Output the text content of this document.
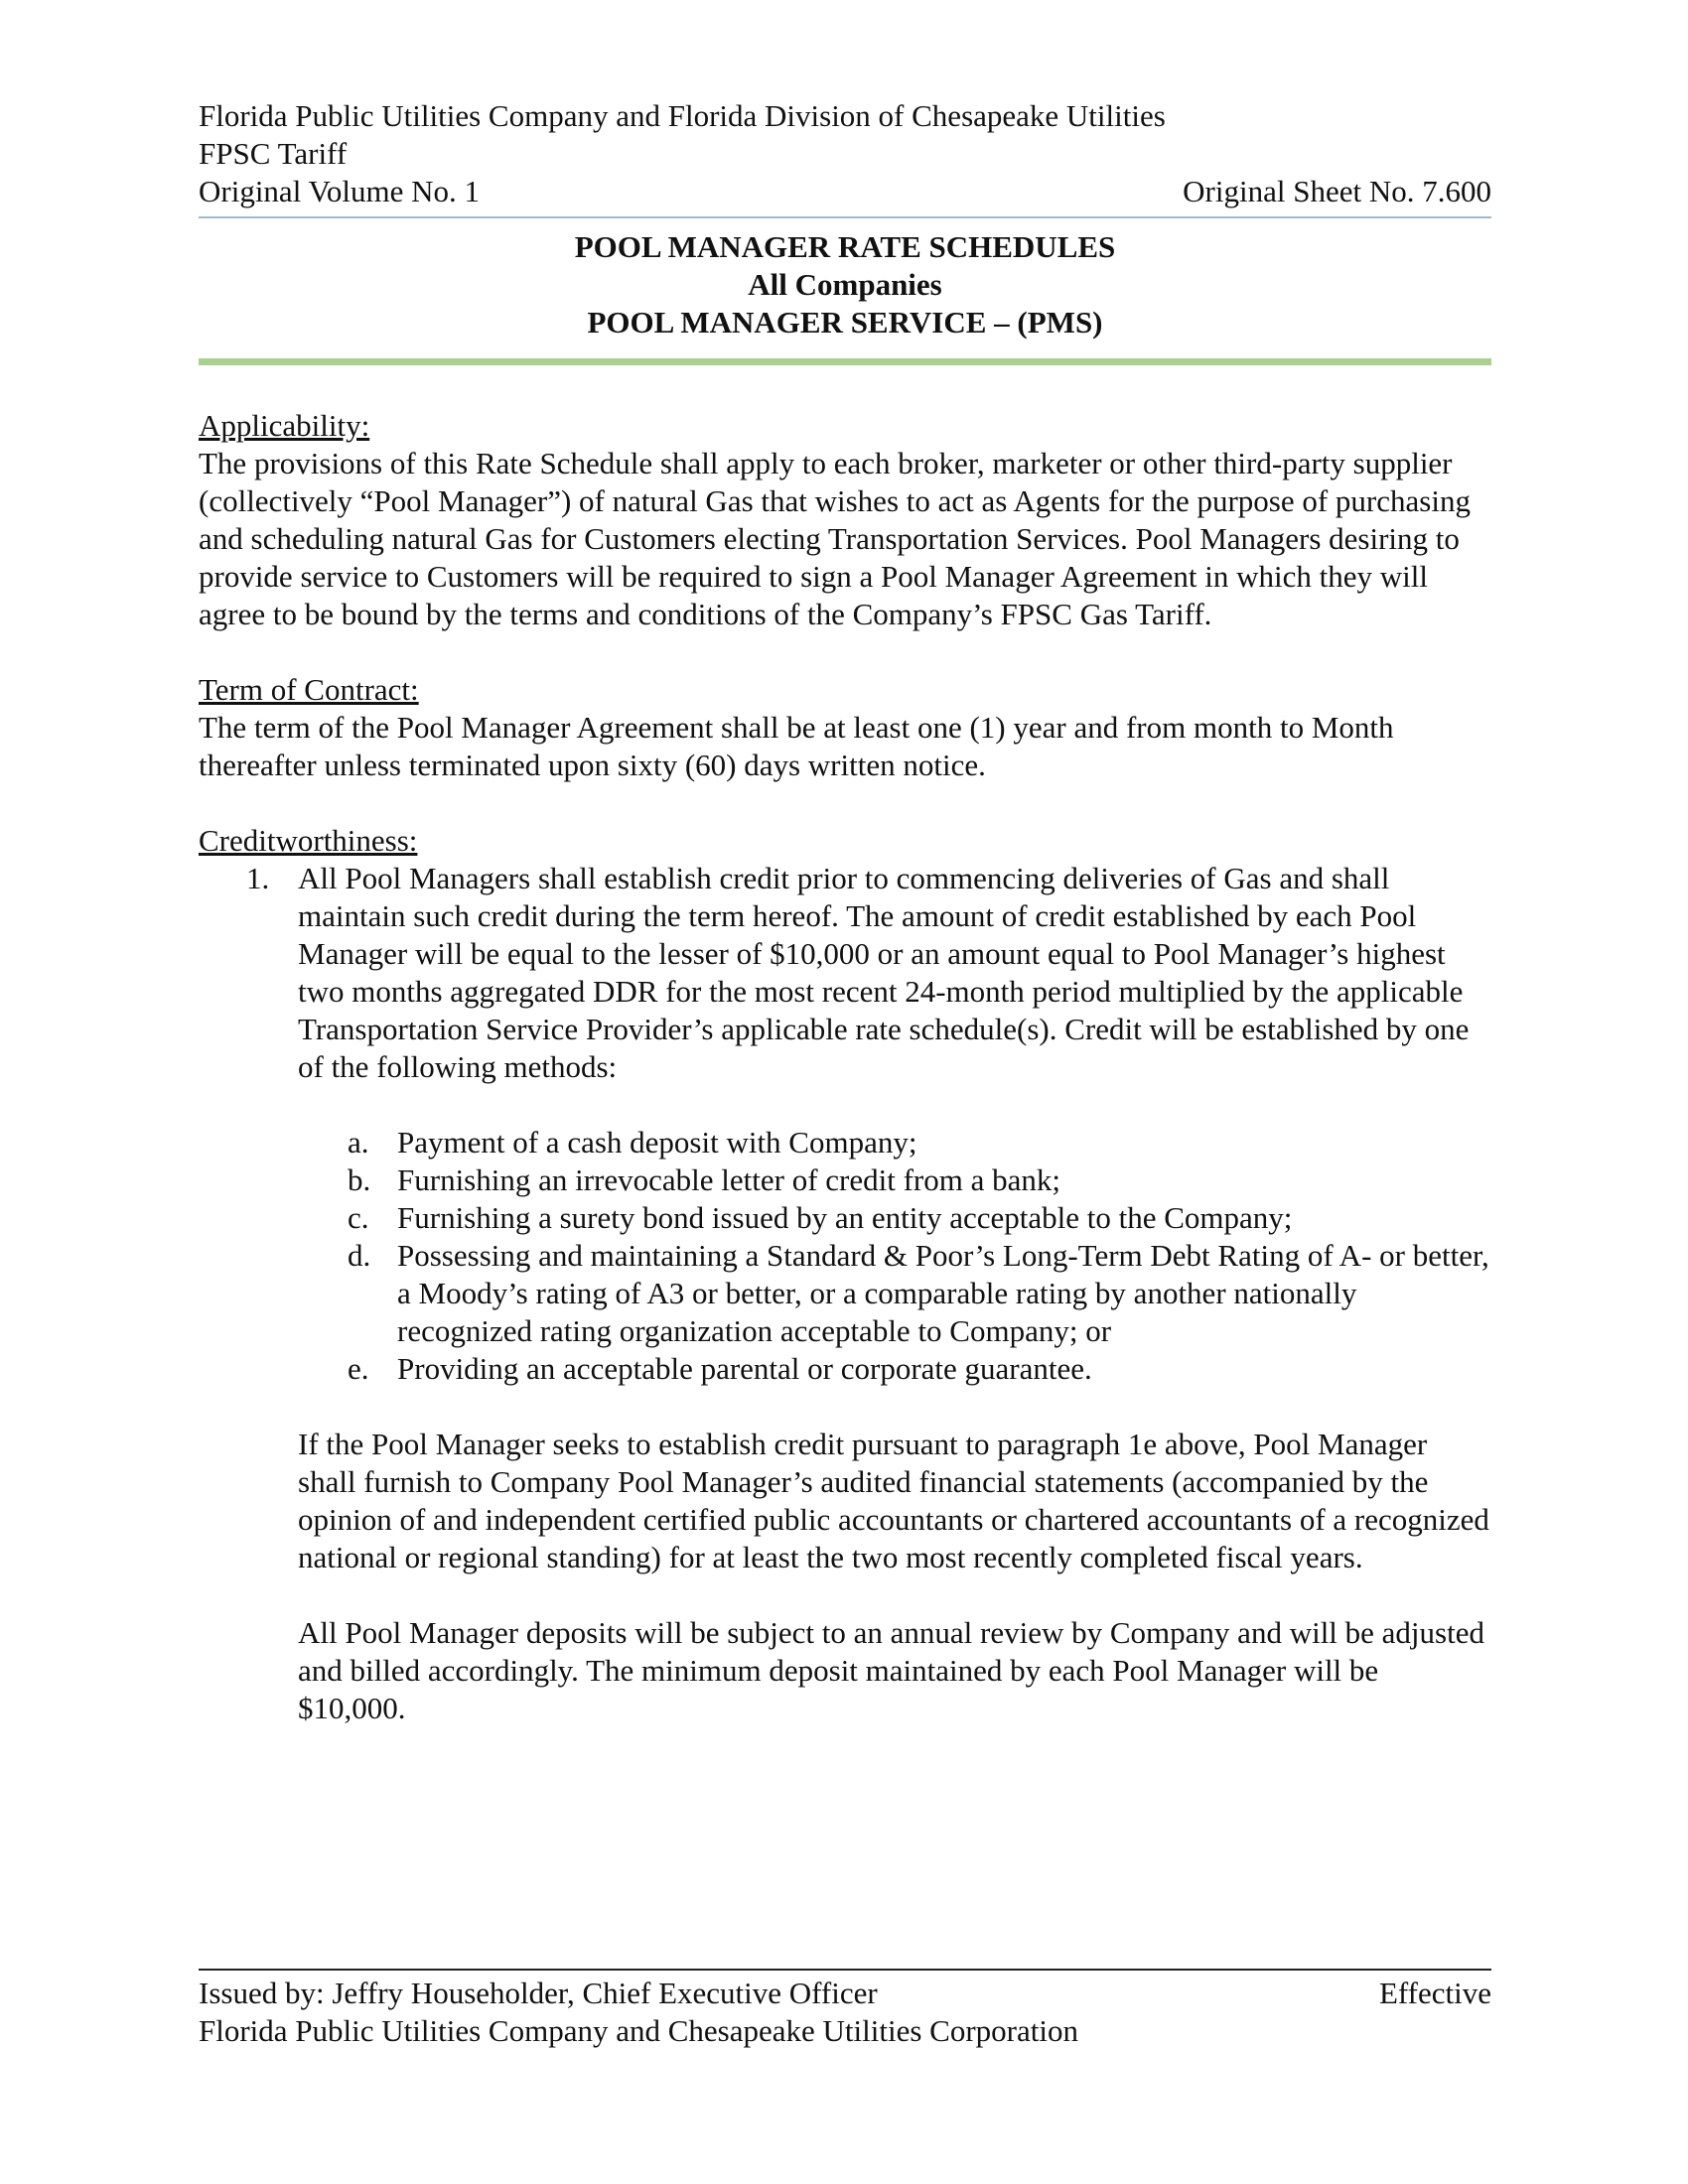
Florida Public Utilities Company and Florida Division of Chesapeake Utilities
FPSC Tariff
Original Volume No. 1	Original Sheet No. 7.600
POOL MANAGER RATE SCHEDULES
All Companies
POOL MANAGER SERVICE – (PMS)
Applicability:

The provisions of this Rate Schedule shall apply to each broker, marketer or other third-party supplier (collectively “Pool Manager”) of natural Gas that wishes to act as Agents for the purpose of purchasing and scheduling natural Gas for Customers electing Transportation Services. Pool Managers desiring to provide service to Customers will be required to sign a Pool Manager Agreement in which they will agree to be bound by the terms and conditions of the Company’s FPSC Gas Tariff.

Term of Contract:

The term of the Pool Manager Agreement shall be at least one (1) year and from month to Month thereafter unless terminated upon sixty (60) days written notice.

Creditworthiness:
1. All Pool Managers shall establish credit prior to commencing deliveries of Gas and shall maintain such credit during the term hereof. The amount of credit established by each Pool Manager will be equal to the lesser of $10,000 or an amount equal to Pool Manager’s highest two months aggregated DDR for the most recent 24-month period multiplied by the applicable Transportation Service Provider’s applicable rate schedule(s). Credit will be established by one of the following methods:
a. Payment of a cash deposit with Company;
b. Furnishing an irrevocable letter of credit from a bank;
c. Furnishing a surety bond issued by an entity acceptable to the Company;
d. Possessing and maintaining a Standard & Poor’s Long-Term Debt Rating of A- or better, a Moody’s rating of A3 or better, or a comparable rating by another nationally recognized rating organization acceptable to Company; or
e. Providing an acceptable parental or corporate guarantee.

If the Pool Manager seeks to establish credit pursuant to paragraph 1e above, Pool Manager shall furnish to Company Pool Manager’s audited financial statements (accompanied by the opinion of and independent certified public accountants or chartered accountants of a recognized national or regional standing) for at least the two most recently completed fiscal years.

All Pool Manager deposits will be subject to an annual review by Company and will be adjusted and billed accordingly. The minimum deposit maintained by each Pool Manager will be $10,000.

Issued by: Jeffry Householder, Chief Executive Officer	Effective
Florida Public Utilities Company and Chesapeake Utilities Corporation
